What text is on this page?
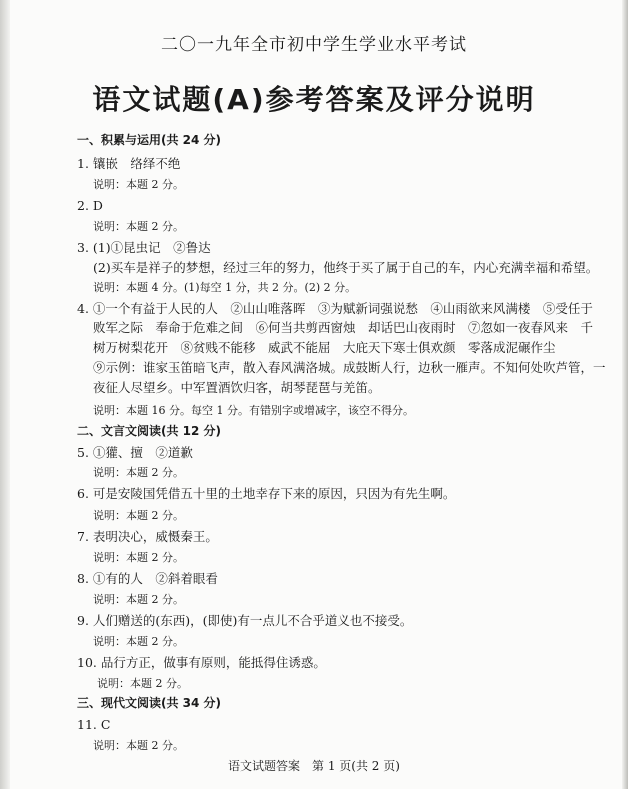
二〇一九年全市初中学生学业水平考试
语文试题(A)参考答案及评分说明
一、积累与运用(共 24 分)
1. 镶嵌　络绎不绝
说明：本题 2 分。
2. D
说明：本题 2 分。
3. (1)①昆虫记　②鲁达
(2)买车是祥子的梦想，经过三年的努力，他终于买了属于自己的车，内心充满幸福和希望。
说明：本题 4 分。(1)每空 1 分，共 2 分。(2) 2 分。
4. ①一个有益于人民的人　②山山唯落晖　③为赋新词强说愁　④山雨欲来风满楼　⑤受任于
败军之际　奉命于危难之间　⑥何当共剪西窗烛　却话巴山夜雨时　⑦忽如一夜春风来　千
树万树梨花开　⑧贫贱不能移　威武不能屈　大庇天下寒士俱欢颜　零落成泥碾作尘
⑨示例：谁家玉笛暗飞声，散入春风满洛城。成鼓断人行，边秋一雁声。不知何处吹芦管，一
夜征人尽望乡。中军置酒饮归客，胡琴琵琶与羌笛。
说明：本题 16 分。每空 1 分。有错别字或增减字，该空不得分。
二、文言文阅读(共 12 分)
5. ①獾、擅　②道歉
说明：本题 2 分。
6. 可是安陵国凭借五十里的土地幸存下来的原因，只因为有先生啊。
说明：本题 2 分。
7. 表明决心，威慑秦王。
说明：本题 2 分。
8. ①有的人　②斜着眼看
说明：本题 2 分。
9. 人们赠送的(东西)，(即使)有一点儿不合乎道义也不接受。
说明：本题 2 分。
10. 品行方正，做事有原则，能抵得住诱惑。
说明：本题 2 分。
三、现代文阅读(共 34 分)
11. C
说明：本题 2 分。
语文试题答案　第 1 页(共 2 页)
